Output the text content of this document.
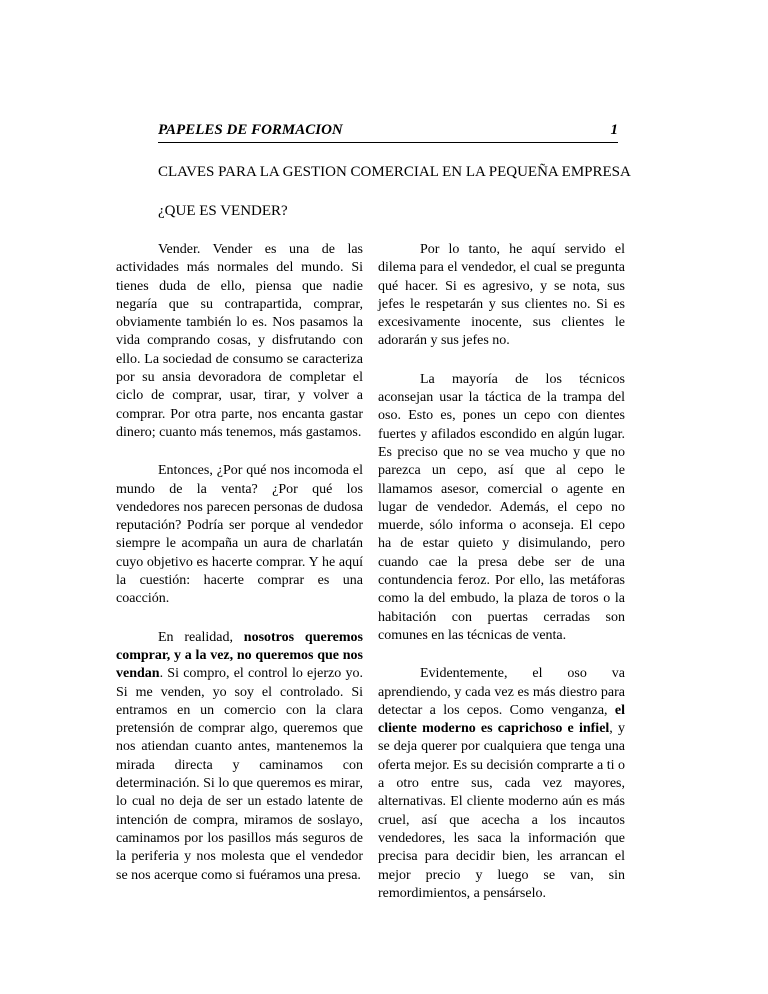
PAPELES DE FORMACION	1
CLAVES PARA LA GESTION COMERCIAL EN LA PEQUEÑA EMPRESA
¿QUE ES VENDER?

Vender. Vender es una de las actividades más normales del mundo. Si tienes duda de ello, piensa que nadie negaría que su contrapartida, comprar, obviamente también lo es. Nos pasamos la vida comprando cosas, y disfrutando con ello. La sociedad de consumo se caracteriza por su ansia devoradora de completar el ciclo de comprar, usar, tirar, y volver a comprar. Por otra parte, nos encanta gastar dinero; cuanto más tenemos, más gastamos.

Entonces, ¿Por qué nos incomoda el mundo de la venta? ¿Por qué los vendedores nos parecen personas de dudosa reputación? Podría ser porque al vendedor siempre le acompaña un aura de charlatán cuyo objetivo es hacerte comprar. Y he aquí la cuestión: hacerte comprar es una coacción.

En realidad, nosotros queremos comprar, y a la vez, no queremos que nos vendan. Si compro, el control lo ejerzo yo. Si me venden, yo soy el controlado. Si entramos en un comercio con la clara pretensión de comprar algo, queremos que nos atiendan cuanto antes, mantenemos la mirada directa y caminamos con determinación. Si lo que queremos es mirar, lo cual no deja de ser un estado latente de intención de compra, miramos de soslayo, caminamos por los pasillos más seguros de la periferia y nos molesta que el vendedor se nos acerque como si fuéramos una presa.

Por lo tanto, he aquí servido el dilema para el vendedor, el cual se pregunta qué hacer. Si es agresivo, y se nota, sus jefes le respetarán y sus clientes no. Si es excesivamente inocente, sus clientes le adorarán y sus jefes no.

La mayoría de los técnicos aconsejan usar la táctica de la trampa del oso. Esto es, pones un cepo con dientes fuertes y afilados escondido en algún lugar. Es preciso que no se vea mucho y que no parezca un cepo, así que al cepo le llamamos asesor, comercial o agente en lugar de vendedor. Además, el cepo no muerde, sólo informa o aconseja. El cepo ha de estar quieto y disimulando, pero cuando cae la presa debe ser de una contundencia feroz. Por ello, las metáforas como la del embudo, la plaza de toros o la habitación con puertas cerradas son comunes en las técnicas de venta.

Evidentemente, el oso va aprendiendo, y cada vez es más diestro para detectar a los cepos. Como venganza, el cliente moderno es caprichoso e infiel, y se deja querer por cualquiera que tenga una oferta mejor. Es su decisión comprarte a ti o a otro entre sus, cada vez mayores, alternativas. El cliente moderno aún es más cruel, así que acecha a los incautos vendedores, les saca la información que precisa para decidir bien, les arrancan el mejor precio y luego se van, sin remordimientos, a pensárselo.
